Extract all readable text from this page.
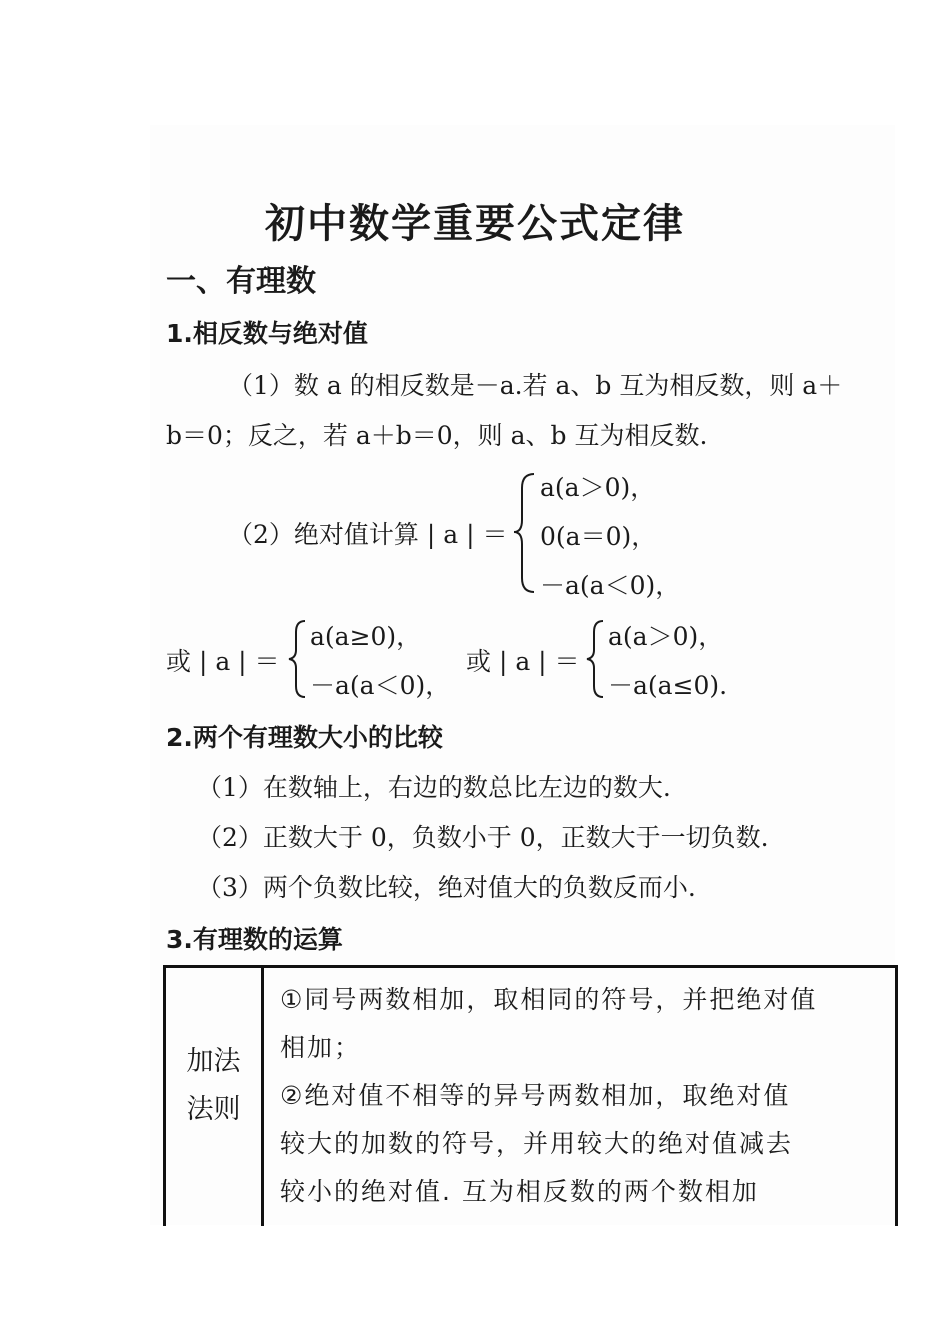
初中数学重要公式定律
一、有理数
1.相反数与绝对值
（1）数 a 的相反数是－a.若 a、b 互为相反数，则 a＋
b＝0；反之，若 a＋b＝0，则 a、b 互为相反数.
（2）绝对值计算 | a | ＝
a(a＞0)，
0(a＝0)，
－a(a＜0)，
或 | a | ＝
a(a≥0)，
－a(a＜0)，
或 | a | ＝
a(a＞0)，
－a(a≤0).
2.两个有理数大小的比较
（1）在数轴上，右边的数总比左边的数大.
（2）正数大于 0，负数小于 0，正数大于一切负数.
（3）两个负数比较，绝对值大的负数反而小.
3.有理数的运算
加法
法则

①同号两数相加，取相同的符号，并把绝对值
相加；
②绝对值不相等的异号两数相加，取绝对值
较大的加数的符号，并用较大的绝对值减去
较小的绝对值. 互为相反数的两个数相加
